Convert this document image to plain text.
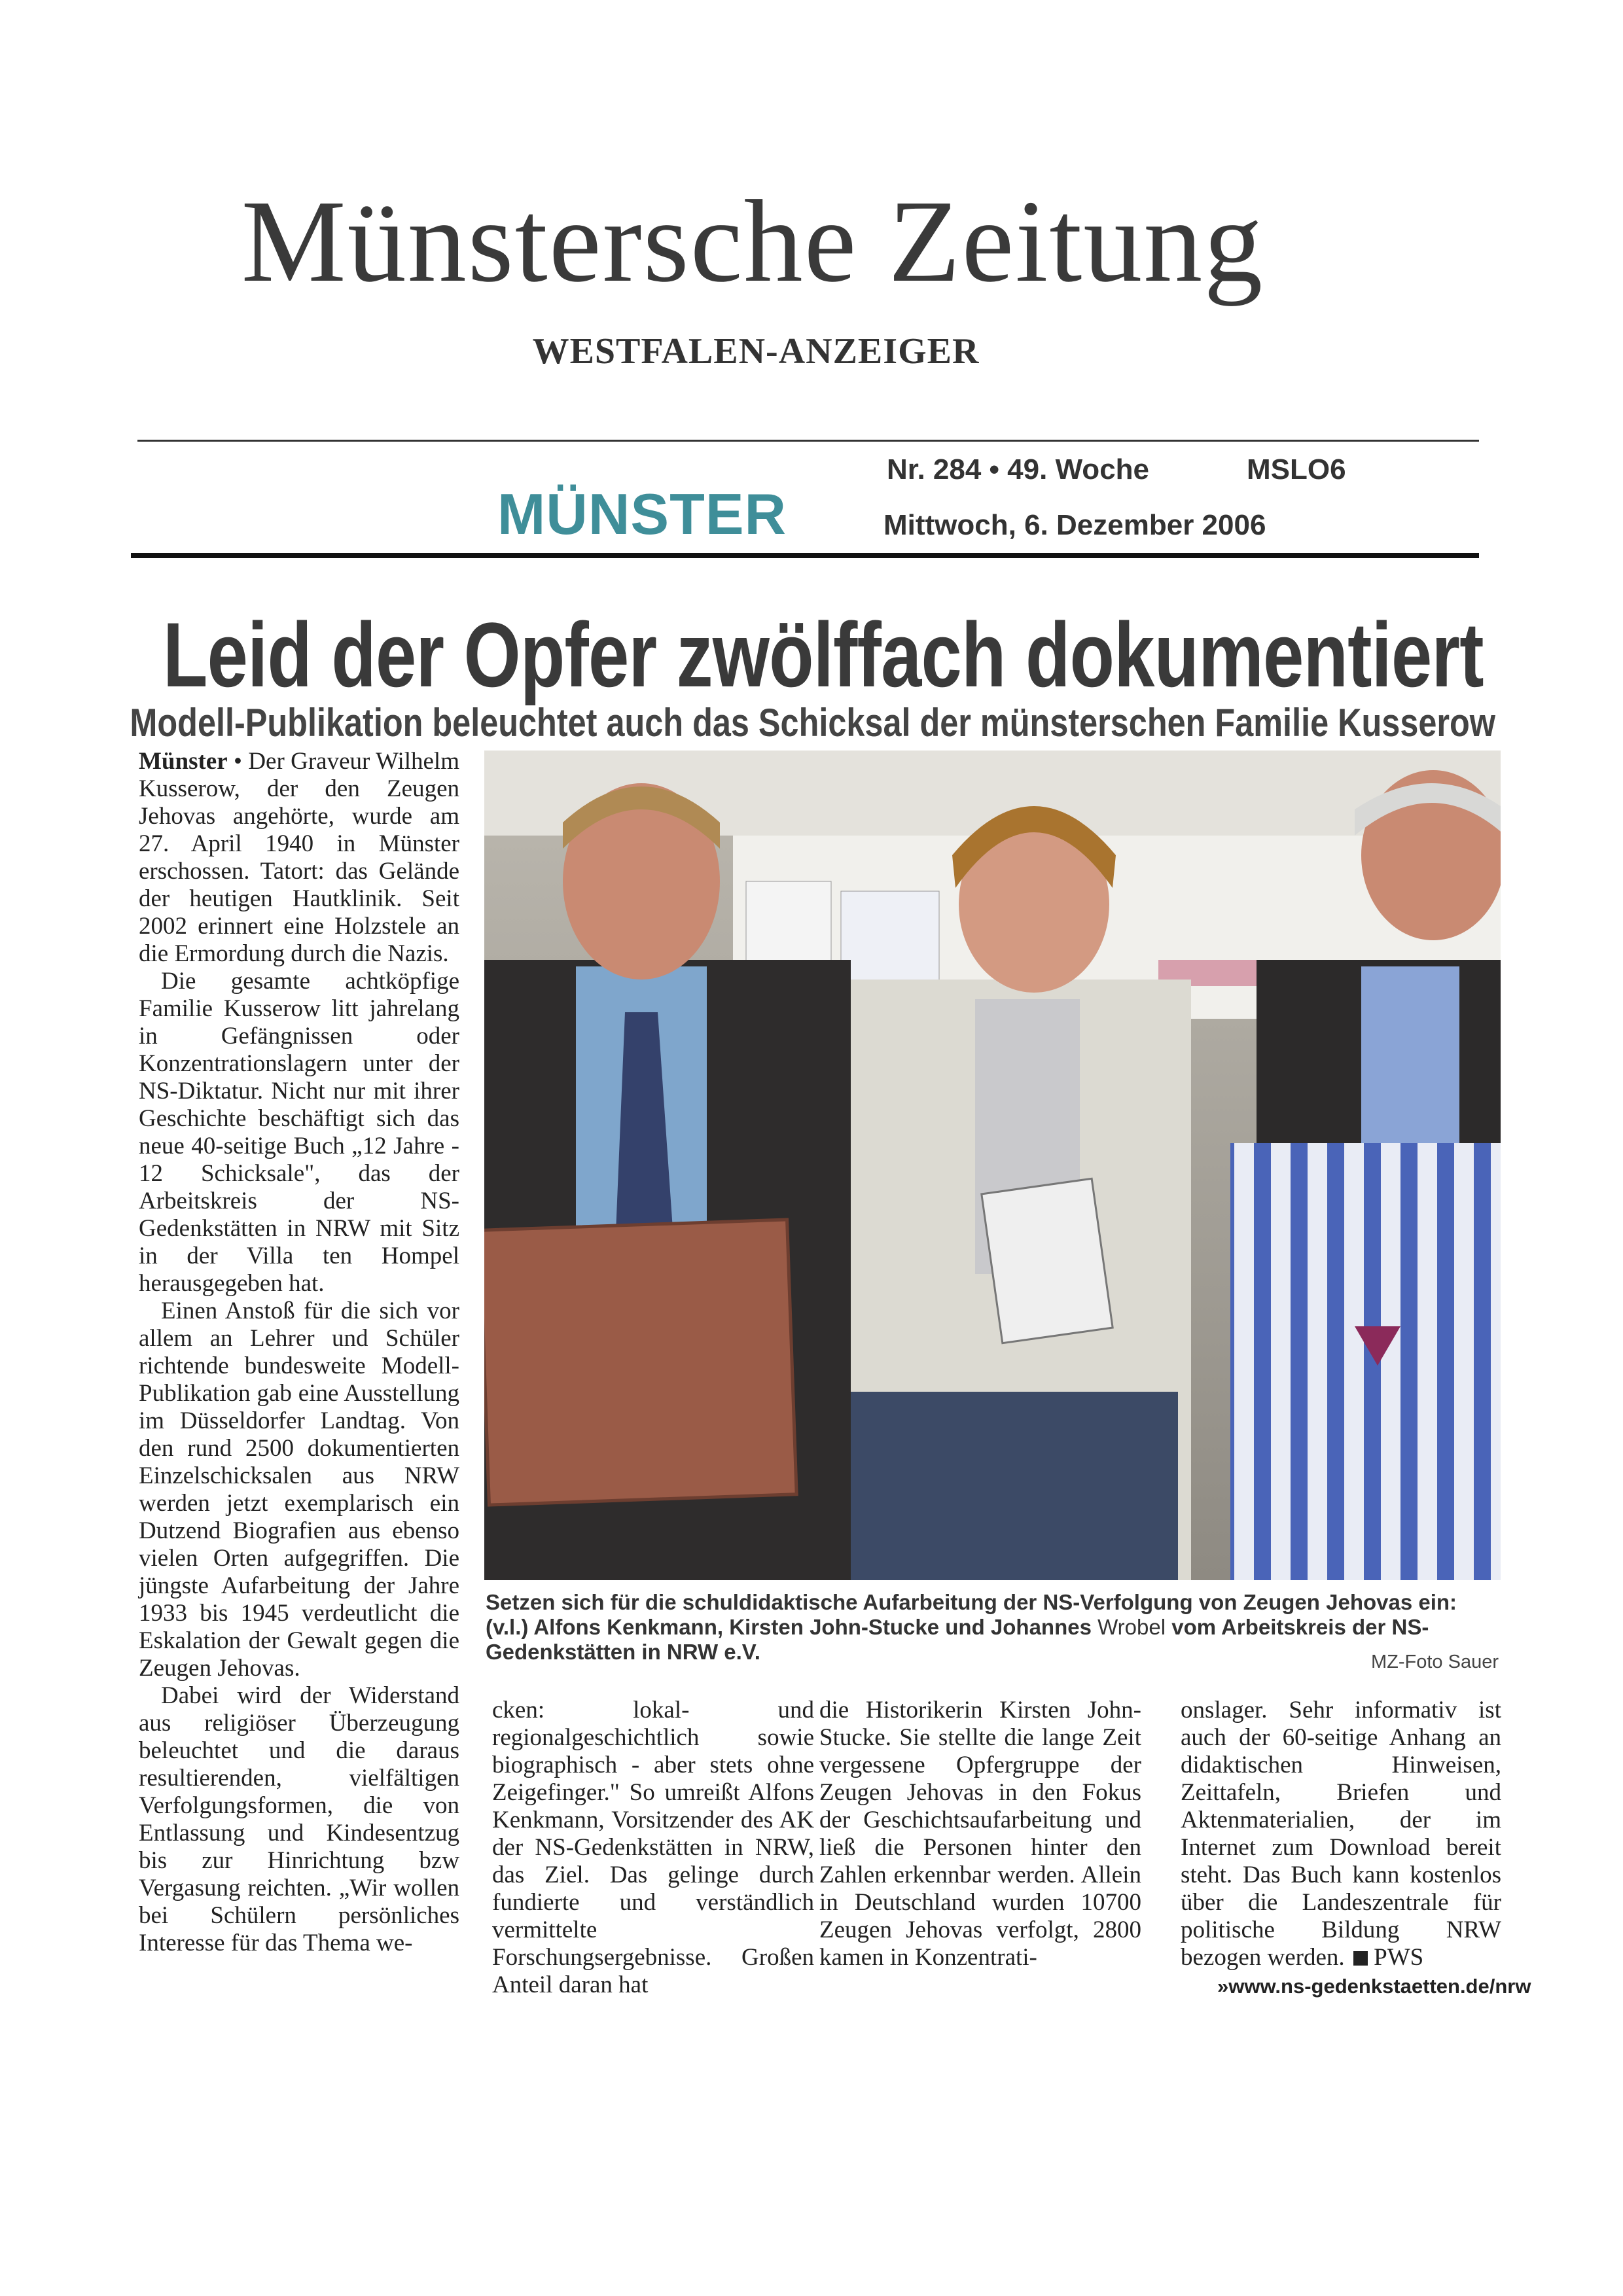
Münstersche Zeitung
WESTFALEN-ANZEIGER
MÜNSTER
Nr. 284 • 49. Woche	MSLO6
Mittwoch, 6. Dezember 2006
Leid der Opfer zwölffach dokumentiert
Modell-Publikation beleuchtet auch das Schicksal der münsterschen Familie Kusserow

Münster • Der Graveur Wilhelm Kusserow, der den Zeugen Jehovas angehörte, wurde am 27. April 1940 in Münster erschossen. Tatort: das Gelände der heutigen Hautklinik. Seit 2002 erinnert eine Holzstele an die Ermordung durch die Nazis.

Die gesamte achtköpfige Familie Kusserow litt jahrelang in Gefängnissen oder Konzentrationslagern unter der NS-Diktatur. Nicht nur mit ihrer Geschichte beschäftigt sich das neue 40-seitige Buch „12 Jahre - 12 Schicksale", das der Arbeitskreis der NS-Gedenkstätten in NRW mit Sitz in der Villa ten Hompel herausgegeben hat.

Einen Anstoß für die sich vor allem an Lehrer und Schüler richtende bundesweite Modell-Publikation gab eine Ausstellung im Düsseldorfer Landtag. Von den rund 2500 dokumentierten Einzelschicksalen aus NRW werden jetzt exemplarisch ein Dutzend Biografien aus ebenso vielen Orten aufgegriffen. Die jüngste Aufarbeitung der Jahre 1933 bis 1945 verdeutlicht die Eskalation der Gewalt gegen die Zeugen Jehovas.

Dabei wird der Widerstand aus religiöser Überzeugung beleuchtet und die daraus resultierenden, vielfältigen Verfolgungsformen, die von Entlassung und Kindesentzug bis zur Hinrichtung bzw Vergasung reichten. „Wir wollen bei Schülern persönliches Interesse für das Thema we-

Setzen sich für die schuldidaktische Aufarbeitung der NS-Verfolgung von Zeugen Jehovas ein: (v.l.) Alfons Kenkmann, Kirsten John-Stucke und Johannes Wrobel vom Arbeitskreis der NS-Gedenkstätten in NRW e.V.	MZ-Foto Sauer

cken: lokal- und regionalgeschichtlich sowie biographisch - aber stets ohne Zeigefinger." So umreißt Alfons Kenkmann, Vorsitzender des AK der NS-Gedenkstätten in NRW, das Ziel. Das gelinge durch fundierte und verständlich vermittelte Forschungsergebnisse. Großen Anteil daran hat

die Historikerin Kirsten John-Stucke. Sie stellte die lange Zeit vergessene Opfergruppe der Zeugen Jehovas in den Fokus der Geschichtsaufarbeitung und ließ die Personen hinter den Zahlen erkennbar werden. Allein in Deutschland wurden 10700 Zeugen Jehovas verfolgt, 2800 kamen in Konzentrati-

onslager. Sehr informativ ist auch der 60-seitige Anhang an didaktischen Hinweisen, Zeittafeln, Briefen und Aktenmaterialien, der im Internet zum Download bereit steht. Das Buch kann kostenlos über die Landeszentrale für politische Bildung NRW bezogen werden. PWS

»www.ns-gedenkstaetten.de/nrw
